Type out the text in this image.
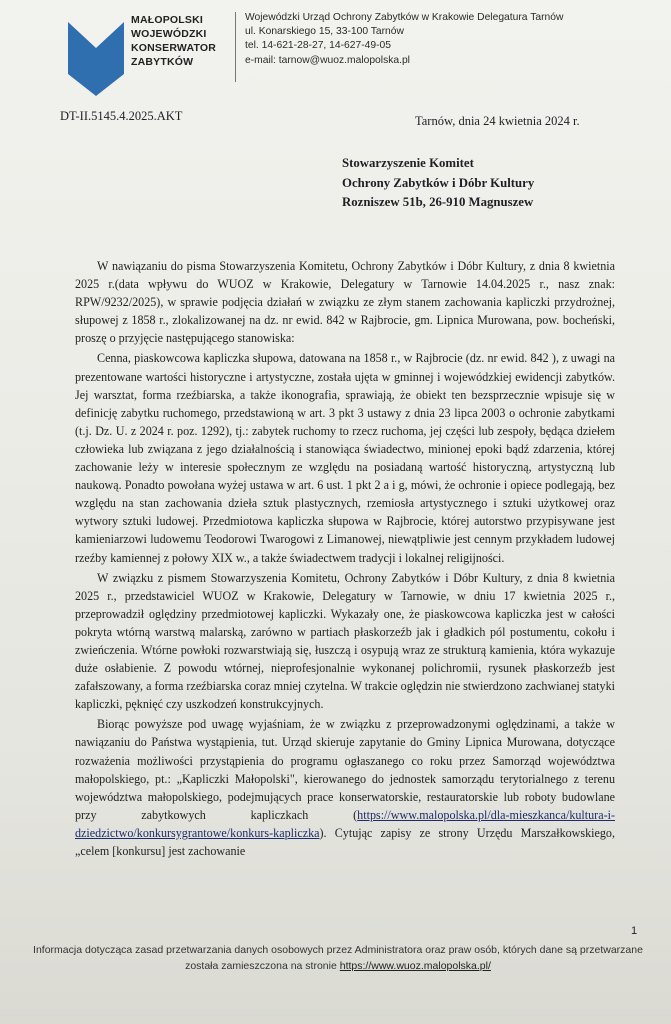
MAŁOPOLSKI
WOJEWÓDZKI
KONSERWATOR
ZABYTKÓW
Wojewódzki Urząd Ochrony Zabytków w Krakowie Delegatura Tarnów
ul. Konarskiego 15, 33-100 Tarnów
tel. 14-621-28-27, 14-627-49-05
e-mail: tarnow@wuoz.malopolska.pl
DT-II.5145.4.2025.AKT	Tarnów, dnia 24 kwietnia 2024 r.
Stowarzyszenie Komitet
Ochrony Zabytków i Dóbr Kultury
Rozniszew 51b, 26-910 Magnuszew

W nawiązaniu do pisma Stowarzyszenia Komitetu, Ochrony Zabytków i Dóbr Kultury, z dnia 8 kwietnia 2025 r.(data wpływu do WUOZ w Krakowie, Delegatury w Tarnowie 14.04.2025 r., nasz znak: RPW/9232/2025), w sprawie podjęcia działań w związku ze złym stanem zachowania kapliczki przydrożnej, słupowej z 1858 r., zlokalizowanej na dz. nr ewid. 842 w Rajbrocie, gm. Lipnica Murowana, pow. bocheński, proszę o przyjęcie następującego stanowiska:

Cenna, piaskowcowa kapliczka słupowa, datowana na 1858 r., w Rajbrocie (dz. nr ewid. 842 ), z uwagi na prezentowane wartości historyczne i artystyczne, została ujęta w gminnej i wojewódzkiej ewidencji zabytków. Jej warsztat, forma rzeźbiarska, a także ikonografia, sprawiają, że obiekt ten bezsprzecznie wpisuje się w definicję zabytku ruchomego, przedstawioną w art. 3 pkt 3 ustawy z dnia 23 lipca 2003 o ochronie zabytkami (t.j. Dz. U. z 2024 r. poz. 1292), tj.: zabytek ruchomy to rzecz ruchoma, jej części lub zespoły, będąca dziełem człowieka lub związana z jego działalnością i stanowiąca świadectwo, minionej epoki bądź zdarzenia, której zachowanie leży w interesie społecznym ze względu na posiadaną wartość historyczną, artystyczną lub naukową. Ponadto powołana wyżej ustawa w art. 6 ust. 1 pkt 2 a i g, mówi, że ochronie i opiece podlegają, bez względu na stan zachowania dzieła sztuk plastycznych, rzemiosła artystycznego i sztuki użytkowej oraz wytwory sztuki ludowej. Przedmiotowa kapliczka słupowa w Rajbrocie, której autorstwo przypisywane jest kamieniarzowi ludowemu Teodorowi Twarogowi z Limanowej, niewątpliwie jest cennym przykładem ludowej rzeźby kamiennej z połowy XIX w., a także świadectwem tradycji i lokalnej religijności.

W związku z pismem Stowarzyszenia Komitetu, Ochrony Zabytków i Dóbr Kultury, z dnia 8 kwietnia 2025 r., przedstawiciel WUOZ w Krakowie, Delegatury w Tarnowie, w dniu 17 kwietnia 2025 r., przeprowadził oględziny przedmiotowej kapliczki. Wykazały one, że piaskowcowa kapliczka jest w całości pokryta wtórną warstwą malarską, zarówno w partiach płaskorzeźb jak i gładkich pól postumentu, cokołu i zwieńczenia. Wtórne powłoki rozwarstwiają się, łuszczą i osypują wraz ze strukturą kamienia, która wykazuje duże osłabienie. Z powodu wtórnej, nieprofesjonalnie wykonanej polichromii, rysunek płaskorzeźb jest zafałszowany, a forma rzeźbiarska coraz mniej czytelna. W trakcie oględzin nie stwierdzono zachwianej statyki kapliczki, pęknięć czy uszkodzeń konstrukcyjnych.

Biorąc powyższe pod uwagę wyjaśniam, że w związku z przeprowadzonymi oględzinami, a także w nawiązaniu do Państwa wystąpienia, tut. Urząd skieruje zapytanie do Gminy Lipnica Murowana, dotyczące rozważenia możliwości przystąpienia do programu ogłaszanego co roku przez Samorząd województwa małopolskiego, pt.: „Kapliczki Małopolski", kierowanego do jednostek samorządu terytorialnego z terenu województwa małopolskiego, podejmujących prace konserwatorskie, restauratorskie lub roboty budowlane przy zabytkowych kapliczkach (https://www.malopolska.pl/dla-mieszkanca/kultura-i-dziedzictwo/konkursygrantowe/konkurs-kapliczka). Cytując zapisy ze strony Urzędu Marszałkowskiego, „celem [konkursu] jest zachowanie

1
Informacja dotycząca zasad przetwarzania danych osobowych przez Administratora oraz praw osób, których dane są przetwarzane została zamieszczona na stronie https://www.wuoz.malopolska.pl/
